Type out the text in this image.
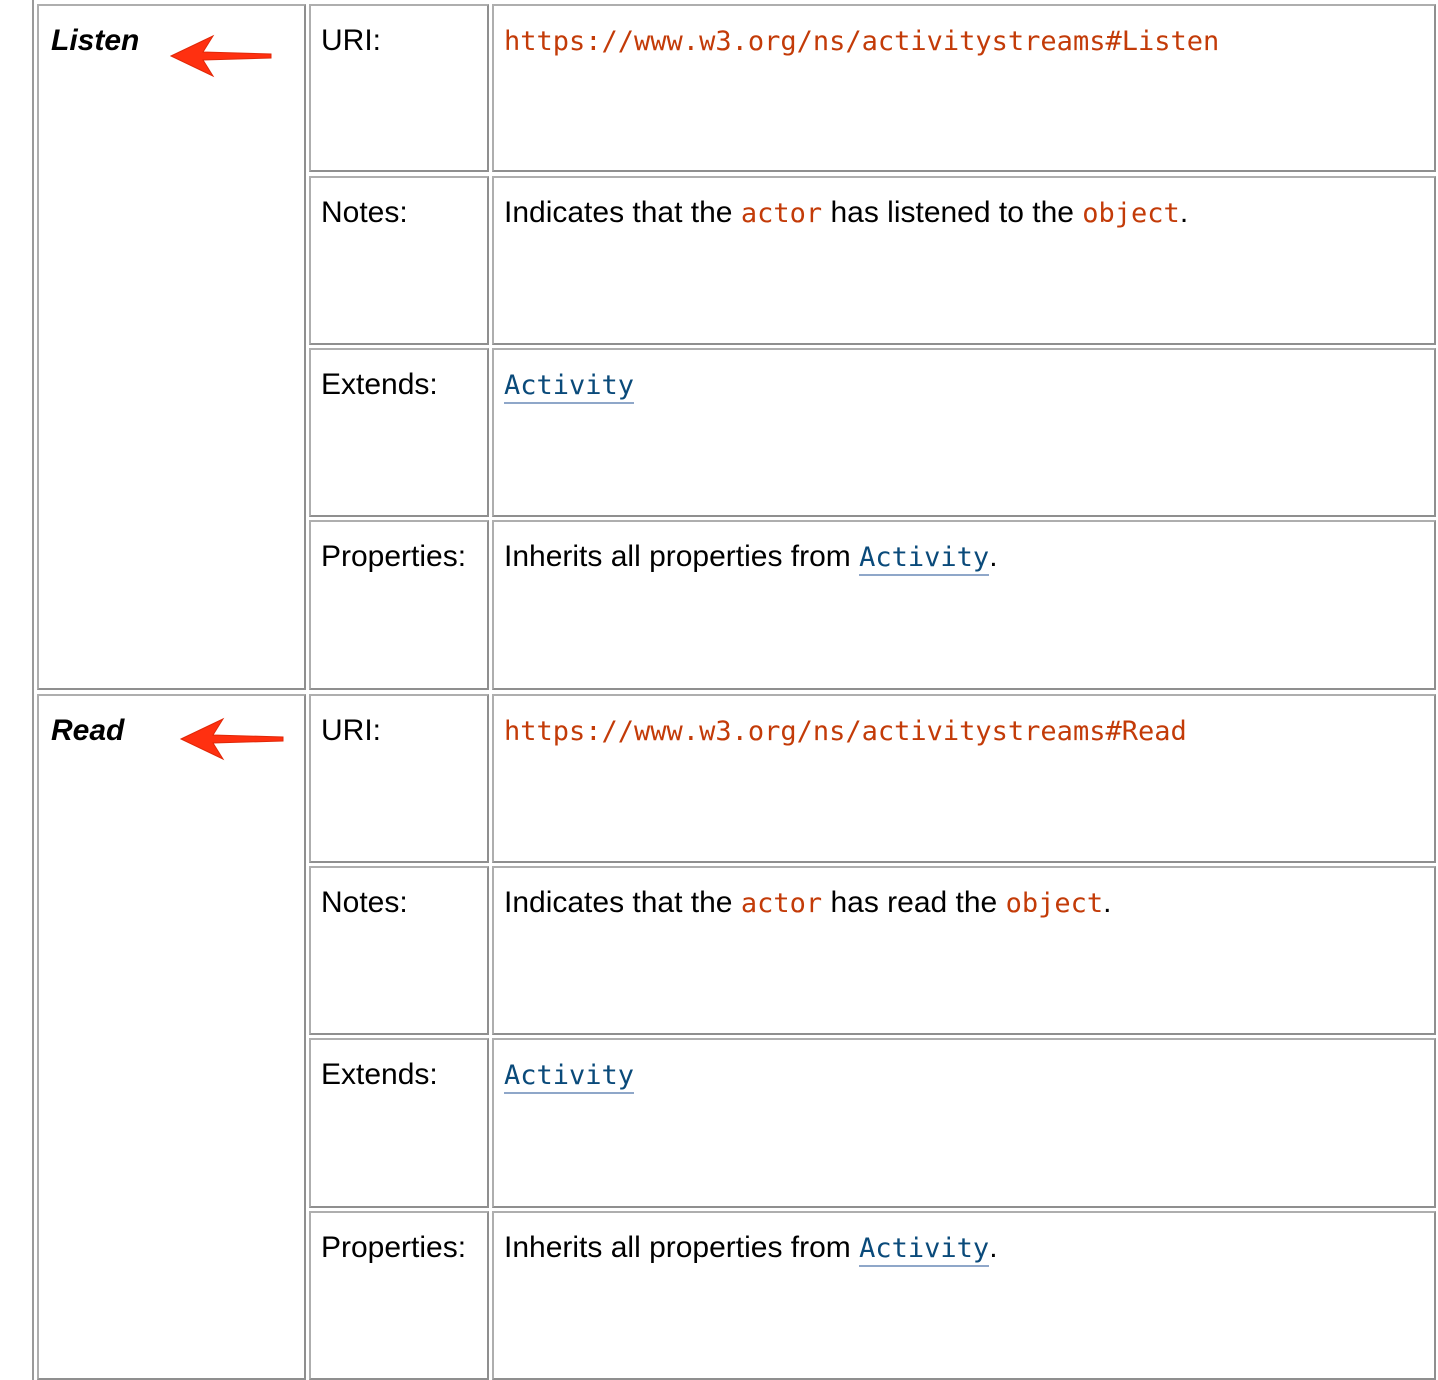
Listen	URI:	https://www.w3.org/ns/activitystreams#Listen
Notes:	Indicates that the actor has listened to the object.
Extends: Activity
Properties: Inherits all properties from Activity.
Read	URI:	https://www.w3.org/ns/activitystreams#Read
Notes:	Indicates that the actor has read the object.
Extends: Activity
Properties: Inherits all properties from Activity.
